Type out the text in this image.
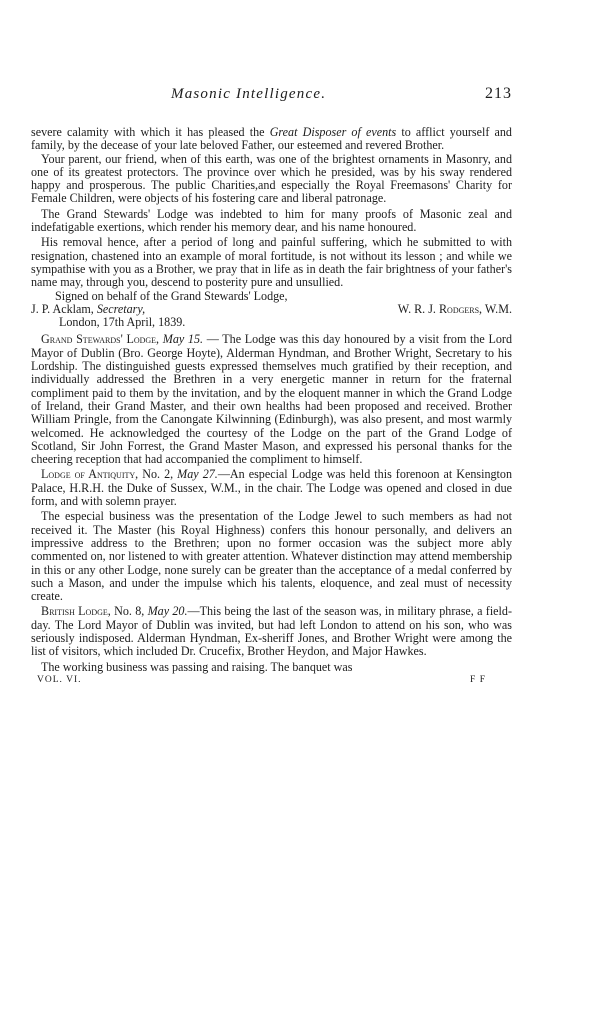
Masonic Intelligence.	213

severe calamity with which it has pleased the Great Disposer of events to afflict yourself and family, by the decease of your late beloved Father, our esteemed and revered Brother.

Your parent, our friend, when of this earth, was one of the brightest ornaments in Masonry, and one of its greatest protectors. The province over which he presided, was by his sway rendered happy and prosperous. The public Charities,and especially the Royal Freemasons' Charity for Female Children, were objects of his fostering care and liberal patronage.

The Grand Stewards' Lodge was indebted to him for many proofs of Masonic zeal and indefatigable exertions, which render his memory dear, and his name honoured.

His removal hence, after a period of long and painful suffering, which he submitted to with resignation, chastened into an example of moral fortitude, is not without its lesson ; and while we sympathise with you as a Brother, we pray that in life as in death the fair brightness of your father's name may, through you, descend to posterity pure and unsullied.

Signed on behalf of the Grand Stewards' Lodge,
J. P. Acklam, Secretary,	W. R. J. Rodgers, W.M.
London, 17th April, 1839.

Grand Stewards' Lodge, May 15. — The Lodge was this day honoured by a visit from the Lord Mayor of Dublin (Bro. George Hoyte), Alderman Hyndman, and Brother Wright, Secretary to his Lordship. The distinguished guests expressed themselves much gratified by their reception, and individually addressed the Brethren in a very energetic manner in return for the fraternal compliment paid to them by the invitation, and by the eloquent manner in which the Grand Lodge of Ireland, their Grand Master, and their own healths had been proposed and received. Brother William Pringle, from the Canongate Kilwinning (Edinburgh), was also present, and most warmly welcomed. He acknowledged the courtesy of the Lodge on the part of the Grand Lodge of Scotland, Sir John Forrest, the Grand Master Mason, and expressed his personal thanks for the cheering reception that had accompanied the compliment to himself.

Lodge of Antiquity, No. 2, May 27.—An especial Lodge was held this forenoon at Kensington Palace, H.R.H. the Duke of Sussex, W.M., in the chair. The Lodge was opened and closed in due form, and with solemn prayer.

The especial business was the presentation of the Lodge Jewel to such members as had not received it. The Master (his Royal Highness) confers this honour personally, and delivers an impressive address to the Brethren; upon no former occasion was the subject more ably commented on, nor listened to with greater attention. Whatever distinction may attend membership in this or any other Lodge, none surely can be greater than the acceptance of a medal conferred by such a Mason, and under the impulse which his talents, eloquence, and zeal must of necessity create.

British Lodge, No. 8, May 20.—This being the last of the season was, in military phrase, a field-day. The Lord Mayor of Dublin was invited, but had left London to attend on his son, who was seriously indisposed. Alderman Hyndman, Ex-sheriff Jones, and Brother Wright were among the list of visitors, which included Dr. Crucefix, Brother Heydon, and Major Hawkes.

The working business was passing and raising. The banquet was

VOL. VI.	F F
